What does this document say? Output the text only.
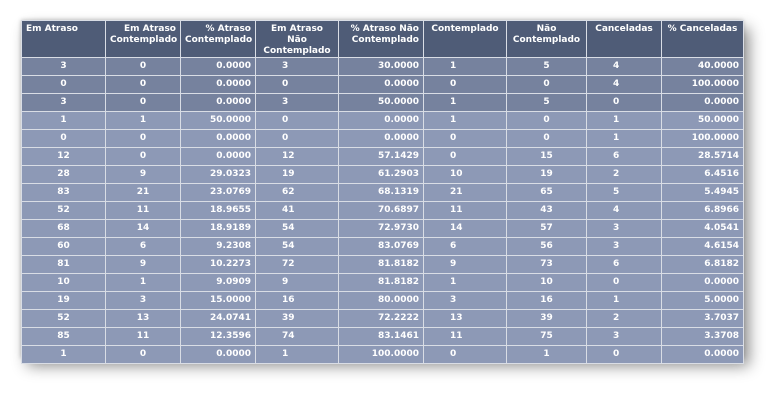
Em Atraso	Em Atraso Contemplado	% Atraso Contemplado	Em Atraso Não Contemplado	% Atraso Não Contemplado	Contemplado	Não Contemplado	Canceladas	% Canceladas
3	0	0.0000	3	30.0000	1	5	4	40.0000
0	0	0.0000	0	0.0000	0	0	4	100.0000
3	0	0.0000	3	50.0000	1	5	0	0.0000
1	1	50.0000	0	0.0000	1	0	1	50.0000
0	0	0.0000	0	0.0000	0	0	1	100.0000
12	0	0.0000	12	57.1429	0	15	6	28.5714
28	9	29.0323	19	61.2903	10	19	2	6.4516
83	21	23.0769	62	68.1319	21	65	5	5.4945
52	11	18.9655	41	70.6897	11	43	4	6.8966
68	14	18.9189	54	72.9730	14	57	3	4.0541
60	6	9.2308	54	83.0769	6	56	3	4.6154
81	9	10.2273	72	81.8182	9	73	6	6.8182
10	1	9.0909	9	81.8182	1	10	0	0.0000
19	3	15.0000	16	80.0000	3	16	1	5.0000
52	13	24.0741	39	72.2222	13	39	2	3.7037
85	11	12.3596	74	83.1461	11	75	3	3.3708
1	0	0.0000	1	100.0000	0	1	0	0.0000
